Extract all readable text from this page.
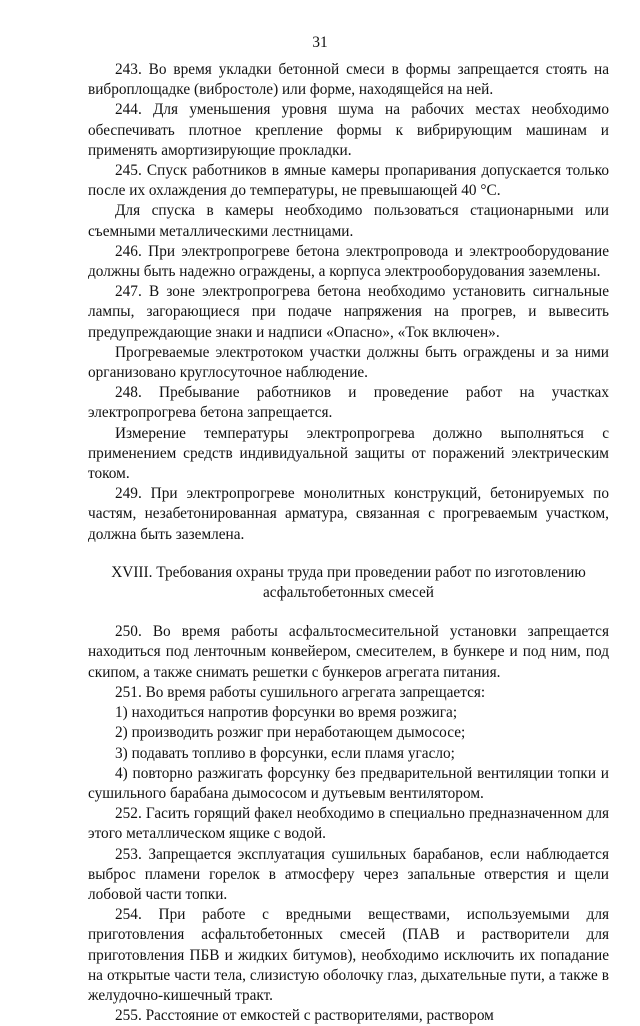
31

243. Во время укладки бетонной смеси в формы запрещается стоять на виброплощадке (вибростоле) или форме, находящейся на ней.

244. Для уменьшения уровня шума на рабочих местах необходимо обеспечивать плотное крепление формы к вибрирующим машинам и применять амортизирующие прокладки.

245. Спуск работников в ямные камеры пропаривания допускается только после их охлаждения до температуры, не превышающей 40 °С.

Для спуска в камеры необходимо пользоваться стационарными или съемными металлическими лестницами.

246. При электропрогреве бетона электропровода и электрооборудование должны быть надежно ограждены, а корпуса электрооборудования заземлены.

247. В зоне электропрогрева бетона необходимо установить сигнальные лампы, загорающиеся при подаче напряжения на прогрев, и вывесить предупреждающие знаки и надписи «Опасно», «Ток включен».

Прогреваемые электротоком участки должны быть ограждены и за ними организовано круглосуточное наблюдение.

248. Пребывание работников и проведение работ на участках электропрогрева бетона запрещается.

Измерение температуры электропрогрева должно выполняться с применением средств индивидуальной защиты от поражений электрическим током.

249. При электропрогреве монолитных конструкций, бетонируемых по частям, незабетонированная арматура, связанная с прогреваемым участком, должна быть заземлена.

XVIII. Требования охраны труда при проведении работ по изготовлению
асфальтобетонных смесей

250. Во время работы асфальтосмесительной установки запрещается находиться под ленточным конвейером, смесителем, в бункере и под ним, под скипом, а также снимать решетки с бункеров агрегата питания.

251. Во время работы сушильного агрегата запрещается:

1) находиться напротив форсунки во время розжига;

2) производить розжиг при неработающем дымососе;

3) подавать топливо в форсунки, если пламя угасло;

4) повторно разжигать форсунку без предварительной вентиляции топки и сушильного барабана дымососом и дутьевым вентилятором.

252. Гасить горящий факел необходимо в специально предназначенном для этого металлическом ящике с водой.

253. Запрещается эксплуатация сушильных барабанов, если наблюдается выброс пламени горелок в атмосферу через запальные отверстия и щели лобовой части топки.

254. При работе с вредными веществами, используемыми для приготовления асфальтобетонных смесей (ПАВ и растворители для приготовления ПБВ и жидких битумов), необходимо исключить их попадание на открытые части тела, слизистую оболочку глаз, дыхательные пути, а также в желудочно-кишечный тракт.

255. Расстояние от емкостей с растворителями, раствором
